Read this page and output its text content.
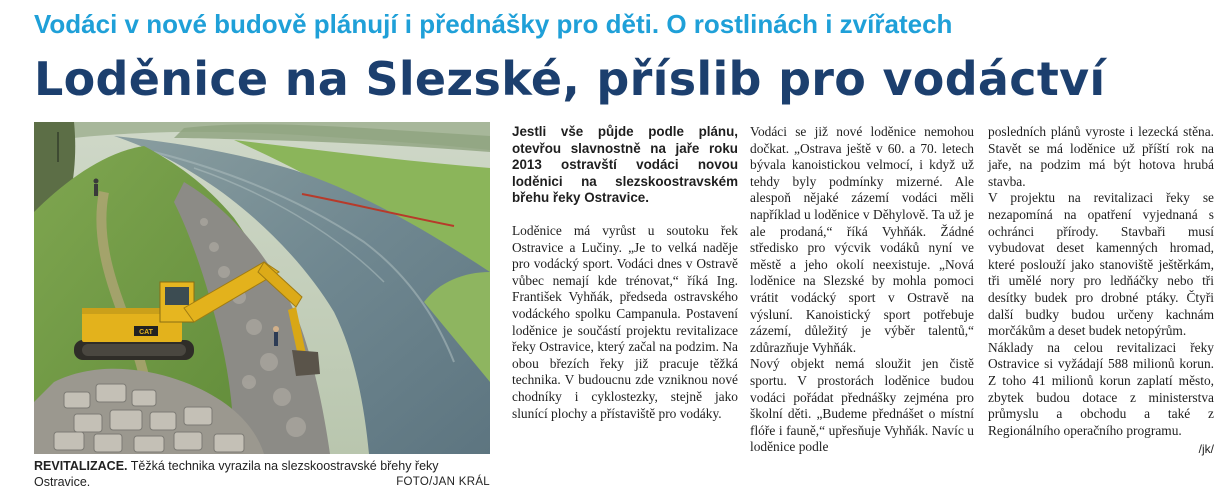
Vodáci v nové budově plánují i přednášky pro děti. O rostlinách i zvířatech
Loděnice na Slezské, příslib pro vodáctví
CAT
REVITALIZACE. Těžká technika vyrazila na slezskoostravské břehy řeky Ostravice.	FOTO/JAN KRÁL

Jestli vše půjde podle plánu, otevřou slavnostně na jaře roku 2013 ostravští vodáci novou loděnici na slezskoostravském břehu řeky Ostravice.

Loděnice má vyrůst u soutoku řek Ostravice a Lučiny. „Je to velká naděje pro vodácký sport. Vodáci dnes v Ostravě vůbec nemají kde trénovat,“ říká Ing. František Vyhňák, předseda ostravského vodáckého spolku Campanula. Postavení loděnice je součástí projektu revitalizace řeky Ostravice, který začal na podzim. Na obou březích řeky již pracuje těžká technika. V budoucnu zde vzniknou nové chodníky i cyklostezky, stejně jako slunící plochy a přístaviště pro vodáky.

Vodáci se již nové loděnice nemohou dočkat. „Ostrava ještě v 60. a 70. letech bývala kanoistickou velmocí, i když už tehdy byly podmínky mizerné. Ale alespoň nějaké zázemí vodáci měli například u loděnice v Děhylově. Ta už je ale prodaná,“ říká Vyhňák. Žádné středisko pro výcvik vodáků nyní ve městě a jeho okolí neexistuje. „Nová loděnice na Slezské by mohla pomoci vrátit vodácký sport v Ostravě na výsluní. Kanoistický sport potřebuje zázemí, důležitý je výběr talentů,“ zdůrazňuje Vyhňák.

Nový objekt nemá sloužit jen čistě sportu. V prostorách loděnice budou vodáci pořádat přednášky zejména pro školní děti. „Budeme přednášet o místní flóře i fauně,“ upřesňuje Vyhňák. Navíc u loděnice podle

posledních plánů vyroste i lezecká stěna. Stavět se má loděnice už příští rok na jaře, na podzim má být hotova hrubá stavba.

V projektu na revitalizaci řeky se nezapomíná na opatření vyjednaná s ochránci přírody. Stavbaři musí vybudovat deset kamenných hromad, které poslouží jako stanoviště ještěrkám, tři umělé nory pro ledňáčky nebo tři desítky budek pro drobné ptáky. Čtyři další budky budou určeny kachnám morčákům a deset budek netopýrům.

Náklady na celou revitalizaci řeky Ostravice si vyžádají 588 milionů korun. Z toho 41 milionů korun zaplatí město, zbytek budou dotace z ministerstva průmyslu a obchodu a také z Regionálního operačního programu.

/jk/
